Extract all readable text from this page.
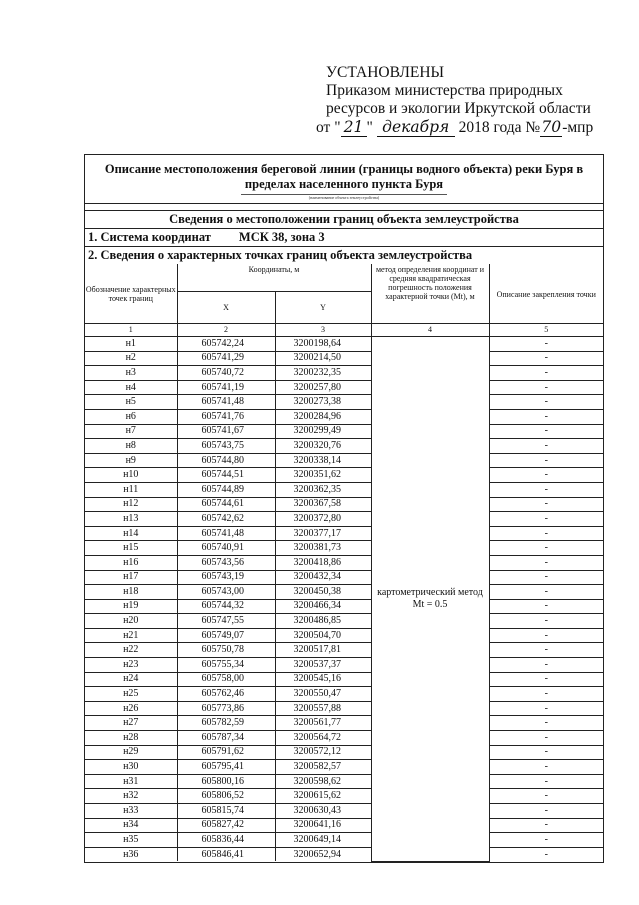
УСТАНОВЛЕНЫ
Приказом министерства природных
ресурсов и экологии Иркутской области
от " 21 " декабря 2018 года №70-мпр
Описание местоположения береговой линии (границы водного объекта) реки Буря в пределах населенного пункта Буря
(наименование объекта землеустройства)
Сведения о местоположении границ объекта землеустройства
1. Система координат МСК 38, зона 3
2. Сведения о характерных точках границ объекта землеустройства
Обозначение характерных точек границ	Координаты, м		метод определения координат и средняя квадратическая погрешность положения характерной точки (Mt), м	Описание закрепления точки
	X	Y		
1	2	3	4	5
н1	605742,24	3200198,64	картометрический метод Mt = 0.5	-
н2	605741,29	3200214,50		-
н3	605740,72	3200232,35		-
н4	605741,19	3200257,80		-
н5	605741,48	3200273,38		-
н6	605741,76	3200284,96		-
н7	605741,67	3200299,49		-
н8	605743,75	3200320,76		-
н9	605744,80	3200338,14		-
н10	605744,51	3200351,62		-
н11	605744,89	3200362,35		-
н12	605744,61	3200367,58		-
н13	605742,62	3200372,80		-
н14	605741,48	3200377,17		-
н15	605740,91	3200381,73		-
н16	605743,56	3200418,86		-
н17	605743,19	3200432,34		-
н18	605743,00	3200450,38		-
н19	605744,32	3200466,34		-
н20	605747,55	3200486,85		-
н21	605749,07	3200504,70		-
н22	605750,78	3200517,81		-
н23	605755,34	3200537,37		-
н24	605758,00	3200545,16		-
н25	605762,46	3200550,47		-
н26	605773,86	3200557,88		-
н27	605782,59	3200561,77		-
н28	605787,34	3200564,72		-
н29	605791,62	3200572,12		-
н30	605795,41	3200582,57		-
н31	605800,16	3200598,62		-
н32	605806,52	3200615,62		-
н33	605815,74	3200630,43		-
н34	605827,42	3200641,16		-
н35	605836,44	3200649,14		-
н36	605846,41	3200652,94		-
